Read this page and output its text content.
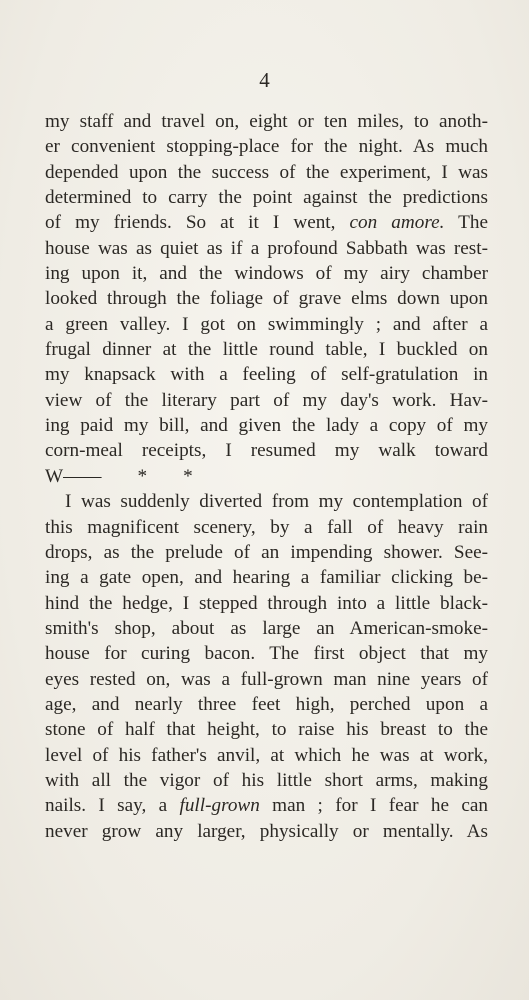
4
my staff and travel on, eight or ten miles, to anoth-
er convenient stopping-place for the night. As much
depended upon the success of the experiment, I was
determined to carry the point against the predictions
of my friends. So at it I went, con amore. The
house was as quiet as if a profound Sabbath was rest-
ing upon it, and the windows of my airy chamber
looked through the foliage of grave elms down upon
a green valley. I got on swimmingly ; and after a
frugal dinner at the little round table, I buckled on
my knapsack with a feeling of self-gratulation in
view of the literary part of my day's work. Hav-
ing paid my bill, and given the lady a copy of my
corn-meal receipts, I resumed my walk toward
W—— * *
I was suddenly diverted from my contemplation of
this magnificent scenery, by a fall of heavy rain
drops, as the prelude of an impending shower. See-
ing a gate open, and hearing a familiar clicking be-
hind the hedge, I stepped through into a little black-
smith's shop, about as large an American-smoke-
house for curing bacon. The first object that my
eyes rested on, was a full-grown man nine years of
age, and nearly three feet high, perched upon a
stone of half that height, to raise his breast to the
level of his father's anvil, at which he was at work,
with all the vigor of his little short arms, making
nails. I say, a full-grown man ; for I fear he can
never grow any larger, physically or mentally. As
